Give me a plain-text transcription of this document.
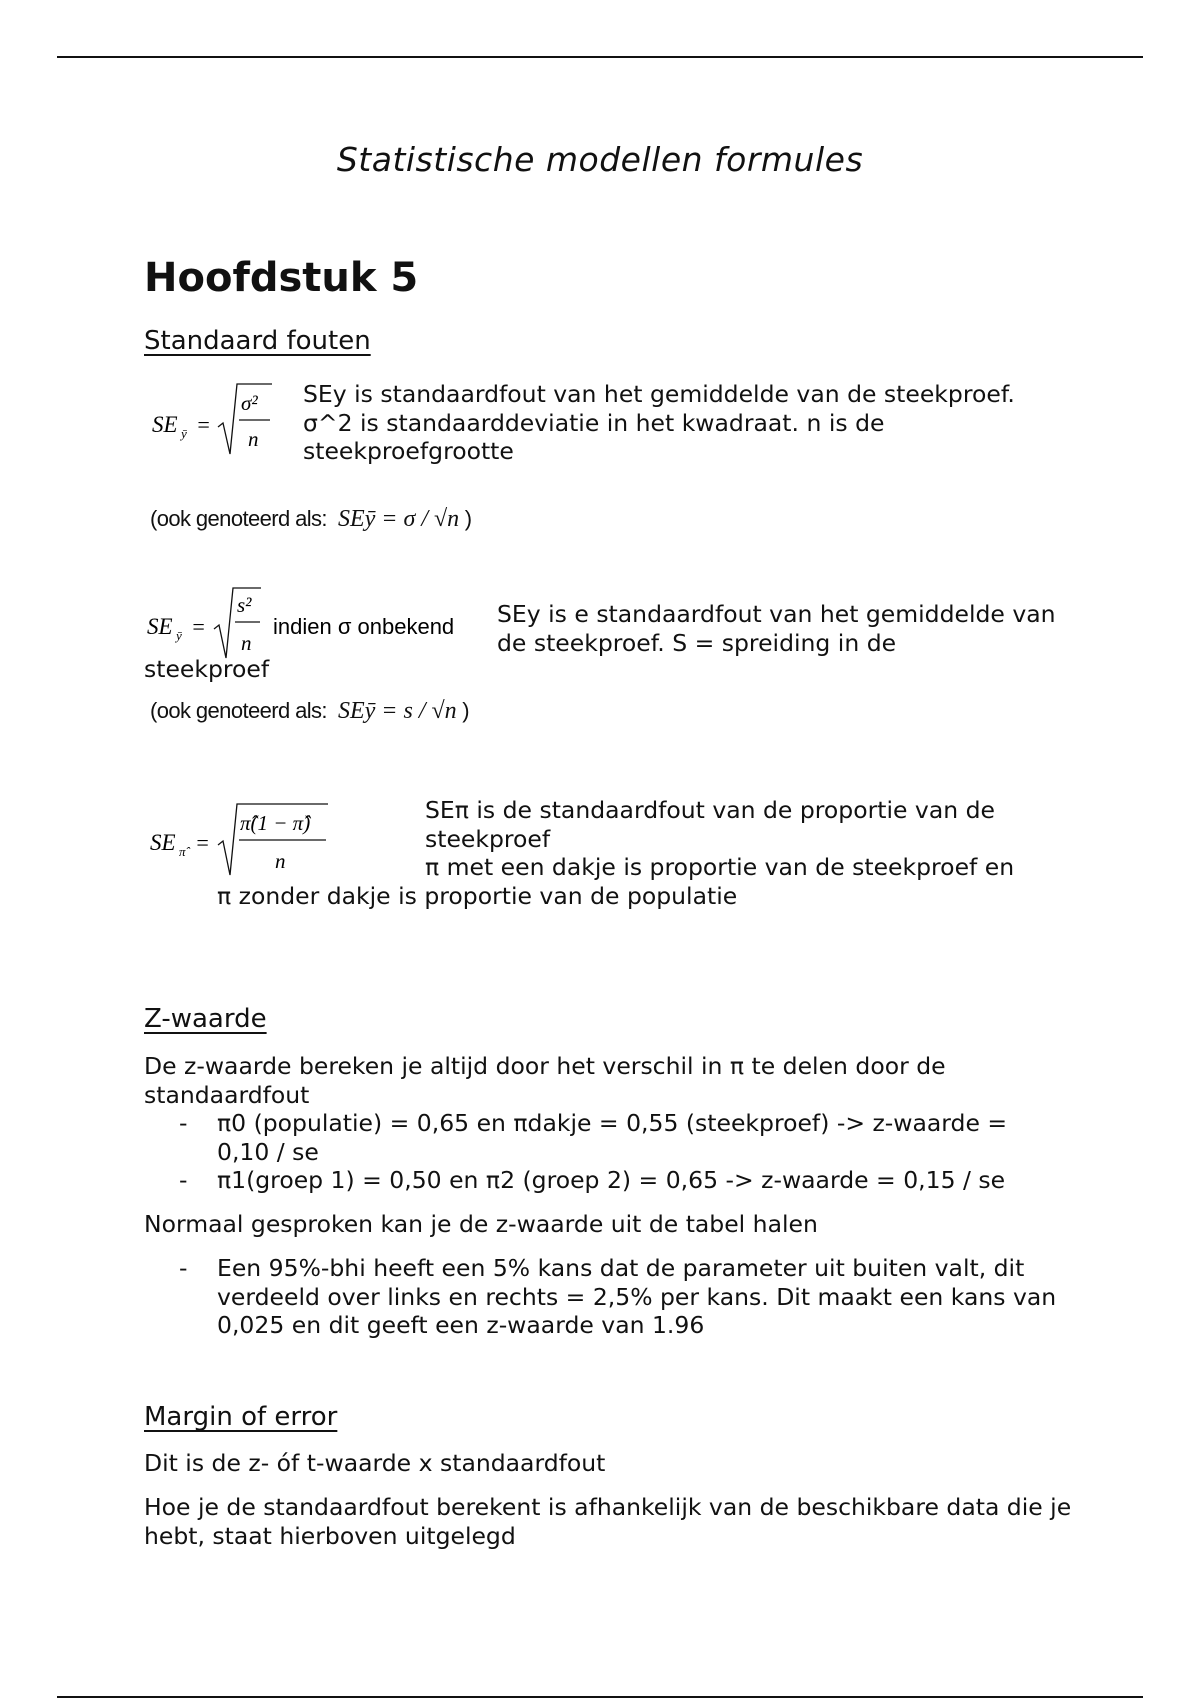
Statistische modellen formules
Hoofdstuk 5
Standaard fouten
SE ȳ =
σ²
n
SEy is standaardfout van het gemiddelde van de steekproef. σ^2 is standaarddeviatie in het kwadraat. n is de steekproefgrootte
(ook genoteerd als: SEȳ = σ / √n )
SE ȳ =
s²
n
indien σ onbekend SEy is e standaardfout van het gemiddelde van de steekproef. S = spreiding in de
steekproef
(ook genoteerd als: SEȳ = s / √n )
SE π̂ =
π̂(1 − π̂)
n
SEπ is de standaardfout van de proportie van de
steekproef
π met een dakje is proportie van de steekproef en
π zonder dakje is proportie van de populatie
Z-waarde
De z-waarde bereken je altijd door het verschil in π te delen door de standaardfout
- π0 (populatie) = 0,65 en πdakje = 0,55 (steekproef) -> z-waarde = 0,10 / se
- π1(groep 1) = 0,50 en π2 (groep 2) = 0,65 -> z-waarde = 0,15 / se
Normaal gesproken kan je de z-waarde uit de tabel halen
- Een 95%-bhi heeft een 5% kans dat de parameter uit buiten valt, dit verdeeld over links en rechts = 2,5% per kans. Dit maakt een kans van 0,025 en dit geeft een z-waarde van 1.96
Margin of error
Dit is de z- óf t-waarde x standaardfout
Hoe je de standaardfout berekent is afhankelijk van de beschikbare data die je hebt, staat hierboven uitgelegd
